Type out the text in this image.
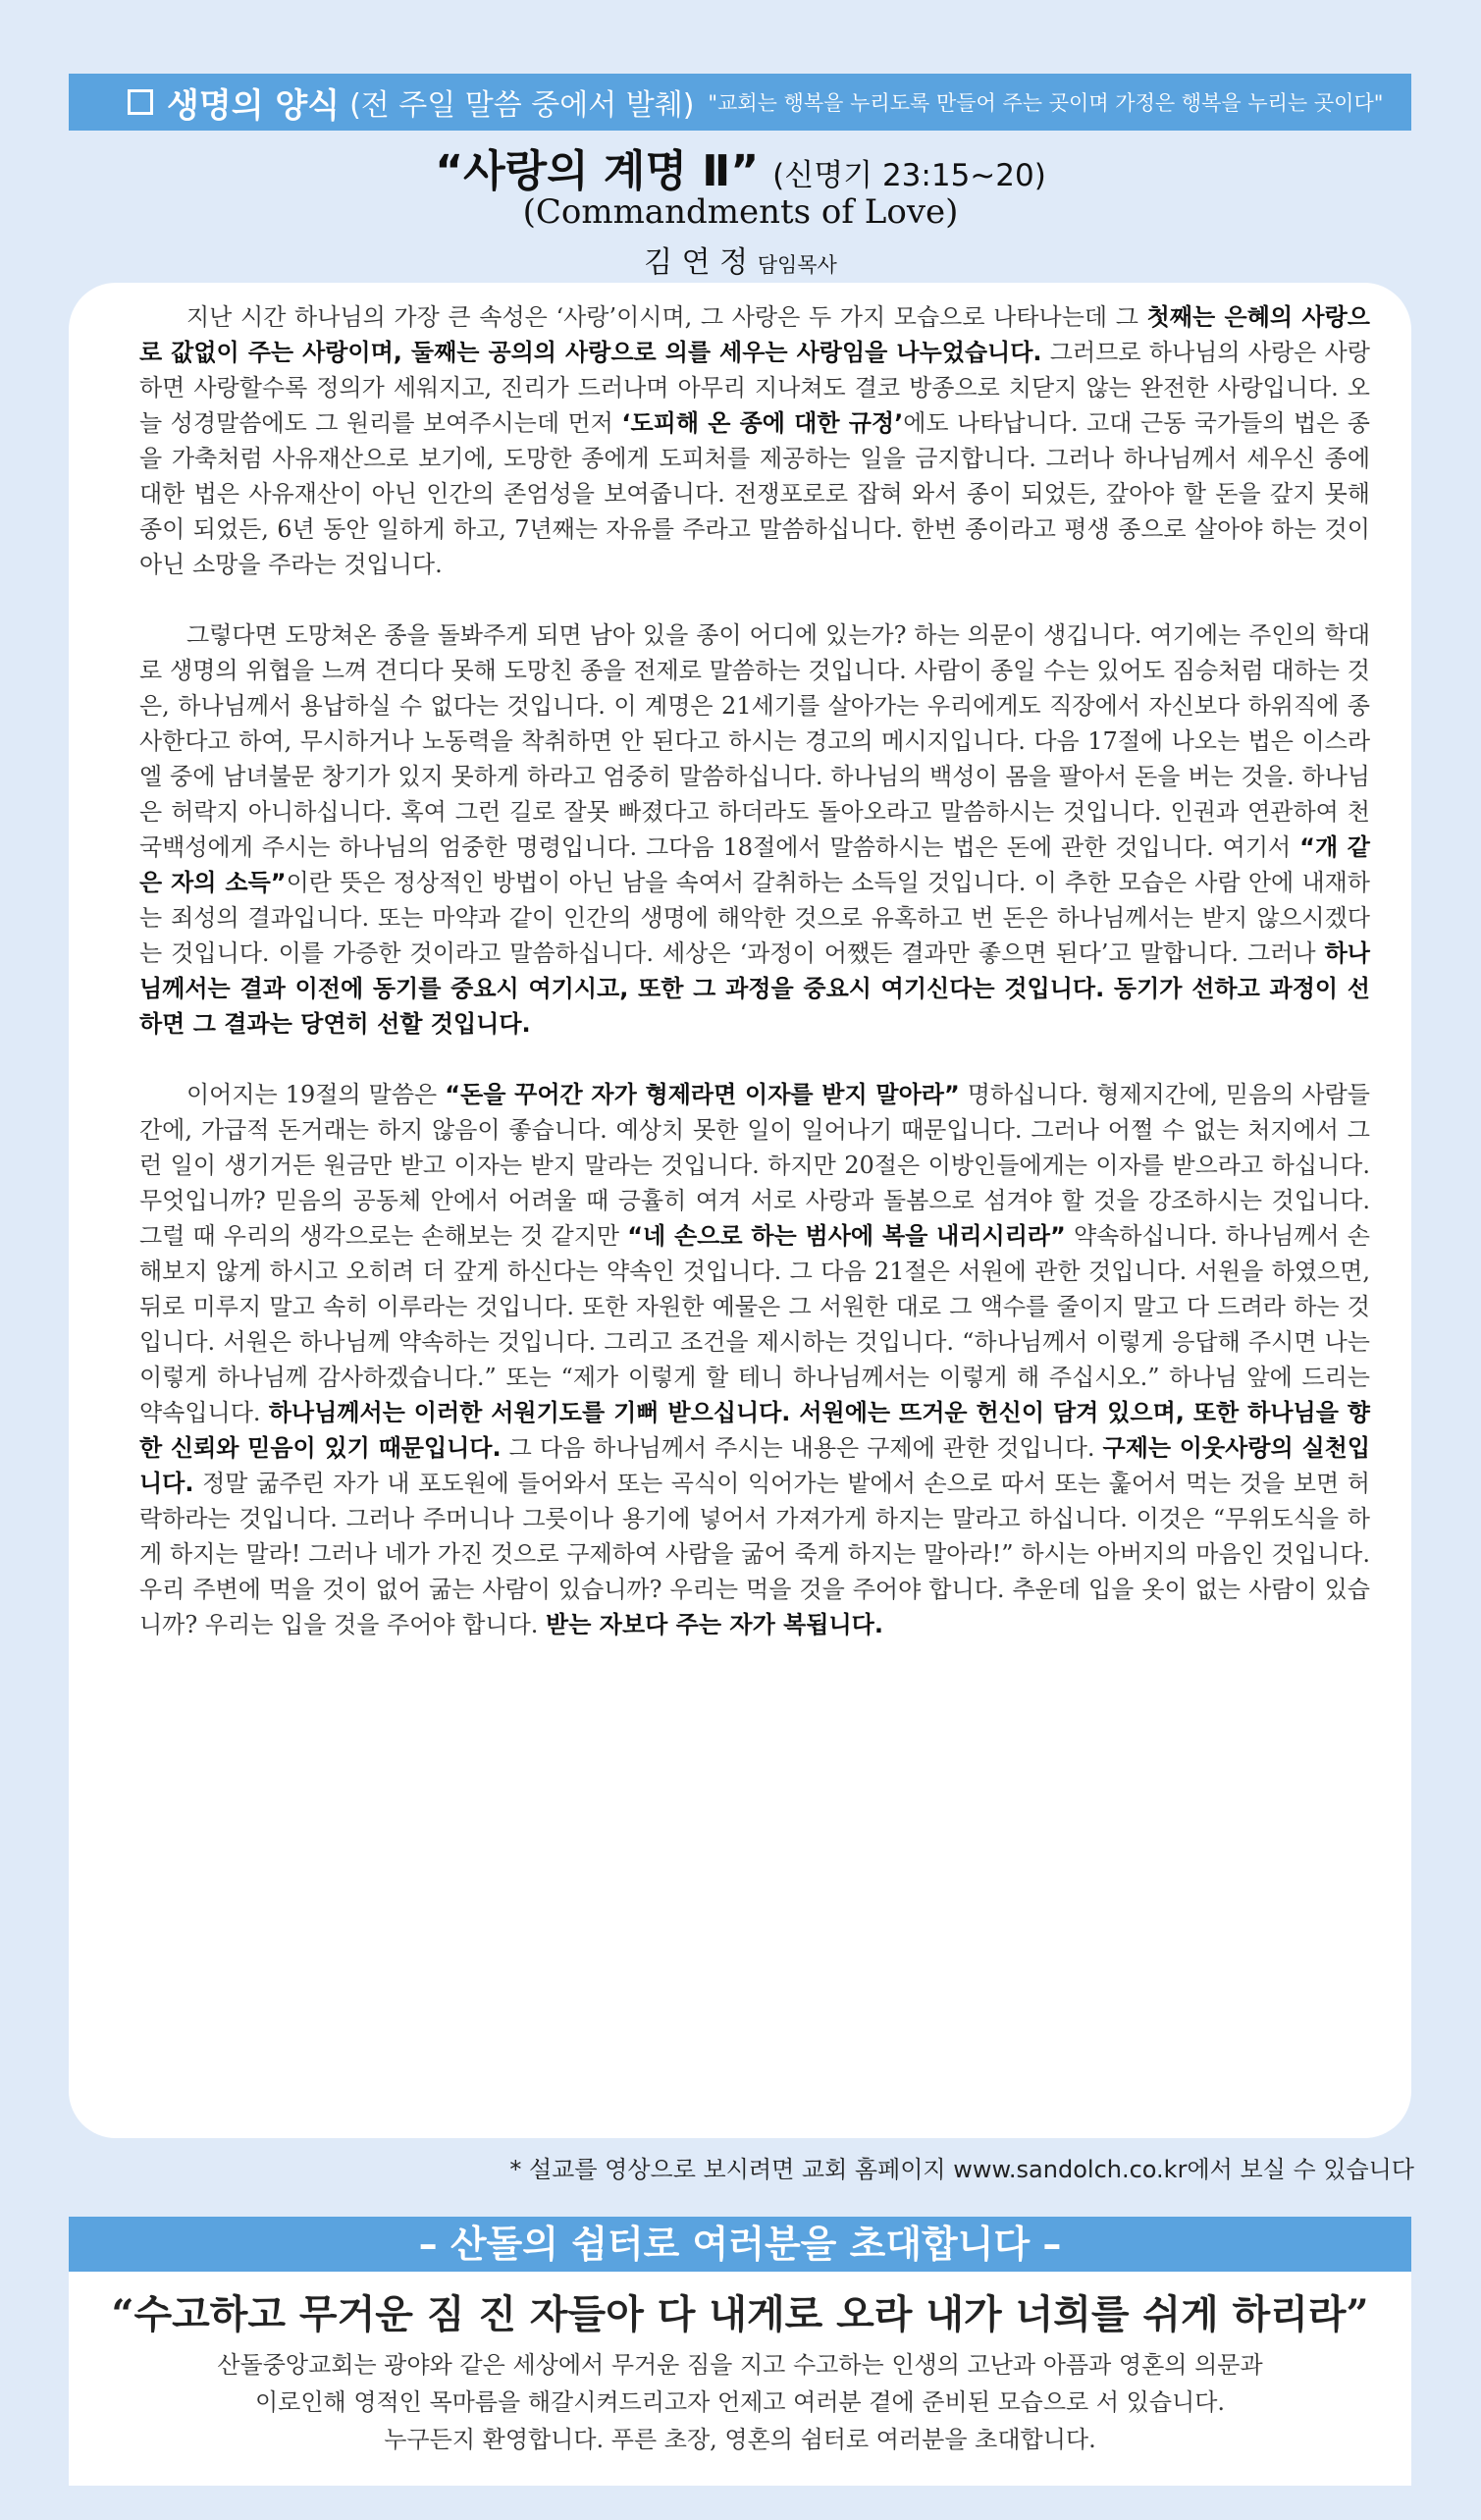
생명의 양식 (전 주일 말씀 중에서 발췌) "교회는 행복을 누리도록 만들어 주는 곳이며 가정은 행복을 누리는 곳이다"
“사랑의 계명 Ⅱ” (신명기 23:15~20)
(Commandments of Love)
김 연 정 담임목사

지난 시간 하나님의 가장 큰 속성은 ‘사랑’이시며, 그 사랑은 두 가지 모습으로 나타나는데 그 첫째는 은혜의 사랑으로 값없이 주는 사랑이며, 둘째는 공의의 사랑으로 의를 세우는 사랑임을 나누었습니다. 그러므로 하나님의 사랑은 사랑하면 사랑할수록 정의가 세워지고, 진리가 드러나며 아무리 지나쳐도 결코 방종으로 치닫지 않는 완전한 사랑입니다. 오늘 성경말씀에도 그 원리를 보여주시는데 먼저 ‘도피해 온 종에 대한 규정’에도 나타납니다. 고대 근동 국가들의 법은 종을 가축처럼 사유재산으로 보기에, 도망한 종에게 도피처를 제공하는 일을 금지합니다. 그러나 하나님께서 세우신 종에 대한 법은 사유재산이 아닌 인간의 존엄성을 보여줍니다. 전쟁포로로 잡혀 와서 종이 되었든, 갚아야 할 돈을 갚지 못해 종이 되었든, 6년 동안 일하게 하고, 7년째는 자유를 주라고 말씀하십니다. 한번 종이라고 평생 종으로 살아야 하는 것이 아닌 소망을 주라는 것입니다.

그렇다면 도망쳐온 종을 돌봐주게 되면 남아 있을 종이 어디에 있는가? 하는 의문이 생깁니다. 여기에는 주인의 학대로 생명의 위협을 느껴 견디다 못해 도망친 종을 전제로 말씀하는 것입니다. 사람이 종일 수는 있어도 짐승처럼 대하는 것은, 하나님께서 용납하실 수 없다는 것입니다. 이 계명은 21세기를 살아가는 우리에게도 직장에서 자신보다 하위직에 종사한다고 하여, 무시하거나 노동력을 착취하면 안 된다고 하시는 경고의 메시지입니다. 다음 17절에 나오는 법은 이스라엘 중에 남녀불문 창기가 있지 못하게 하라고 엄중히 말씀하십니다. 하나님의 백성이 몸을 팔아서 돈을 버는 것을. 하나님은 허락지 아니하십니다. 혹여 그런 길로 잘못 빠졌다고 하더라도 돌아오라고 말씀하시는 것입니다. 인권과 연관하여 천국백성에게 주시는 하나님의 엄중한 명령입니다. 그다음 18절에서 말씀하시는 법은 돈에 관한 것입니다. 여기서 “개 같은 자의 소득”이란 뜻은 정상적인 방법이 아닌 남을 속여서 갈취하는 소득일 것입니다. 이 추한 모습은 사람 안에 내재하는 죄성의 결과입니다. 또는 마약과 같이 인간의 생명에 해악한 것으로 유혹하고 번 돈은 하나님께서는 받지 않으시겠다는 것입니다. 이를 가증한 것이라고 말씀하십니다. 세상은 ‘과정이 어쨌든 결과만 좋으면 된다’고 말합니다. 그러나 하나님께서는 결과 이전에 동기를 중요시 여기시고, 또한 그 과정을 중요시 여기신다는 것입니다. 동기가 선하고 과정이 선하면 그 결과는 당연히 선할 것입니다.

이어지는 19절의 말씀은 “돈을 꾸어간 자가 형제라면 이자를 받지 말아라” 명하십니다. 형제지간에, 믿음의 사람들 간에, 가급적 돈거래는 하지 않음이 좋습니다. 예상치 못한 일이 일어나기 때문입니다. 그러나 어쩔 수 없는 처지에서 그런 일이 생기거든 원금만 받고 이자는 받지 말라는 것입니다. 하지만 20절은 이방인들에게는 이자를 받으라고 하십니다. 무엇입니까? 믿음의 공동체 안에서 어려울 때 긍휼히 여겨 서로 사랑과 돌봄으로 섬겨야 할 것을 강조하시는 것입니다. 그럴 때 우리의 생각으로는 손해보는 것 같지만 “네 손으로 하는 범사에 복을 내리시리라” 약속하십니다. 하나님께서 손해보지 않게 하시고 오히려 더 갚게 하신다는 약속인 것입니다. 그 다음 21절은 서원에 관한 것입니다. 서원을 하였으면, 뒤로 미루지 말고 속히 이루라는 것입니다. 또한 자원한 예물은 그 서원한 대로 그 액수를 줄이지 말고 다 드려라 하는 것입니다. 서원은 하나님께 약속하는 것입니다. 그리고 조건을 제시하는 것입니다. “하나님께서 이렇게 응답해 주시면 나는 이렇게 하나님께 감사하겠습니다.” 또는 “제가 이렇게 할 테니 하나님께서는 이렇게 해 주십시오.” 하나님 앞에 드리는 약속입니다. 하나님께서는 이러한 서원기도를 기뻐 받으십니다. 서원에는 뜨거운 헌신이 담겨 있으며, 또한 하나님을 향한 신뢰와 믿음이 있기 때문입니다. 그 다음 하나님께서 주시는 내용은 구제에 관한 것입니다. 구제는 이웃사랑의 실천입니다. 정말 굶주린 자가 내 포도원에 들어와서 또는 곡식이 익어가는 밭에서 손으로 따서 또는 훑어서 먹는 것을 보면 허락하라는 것입니다. 그러나 주머니나 그릇이나 용기에 넣어서 가져가게 하지는 말라고 하십니다. 이것은 “무위도식을 하게 하지는 말라! 그러나 네가 가진 것으로 구제하여 사람을 굶어 죽게 하지는 말아라!” 하시는 아버지의 마음인 것입니다. 우리 주변에 먹을 것이 없어 굶는 사람이 있습니까? 우리는 먹을 것을 주어야 합니다. 추운데 입을 옷이 없는 사람이 있습니까? 우리는 입을 것을 주어야 합니다. 받는 자보다 주는 자가 복됩니다.

* 설교를 영상으로 보시려면 교회 홈페이지 www.sandolch.co.kr에서 보실 수 있습니다
– 산돌의 쉼터로 여러분을 초대합니다 –
“수고하고 무거운 짐 진 자들아 다 내게로 오라 내가 너희를 쉬게 하리라”
산돌중앙교회는 광야와 같은 세상에서 무거운 짐을 지고 수고하는 인생의 고난과 아픔과 영혼의 의문과
이로인해 영적인 목마름을 해갈시켜드리고자 언제고 여러분 곁에 준비된 모습으로 서 있습니다.
누구든지 환영합니다. 푸른 초장, 영혼의 쉼터로 여러분을 초대합니다.
